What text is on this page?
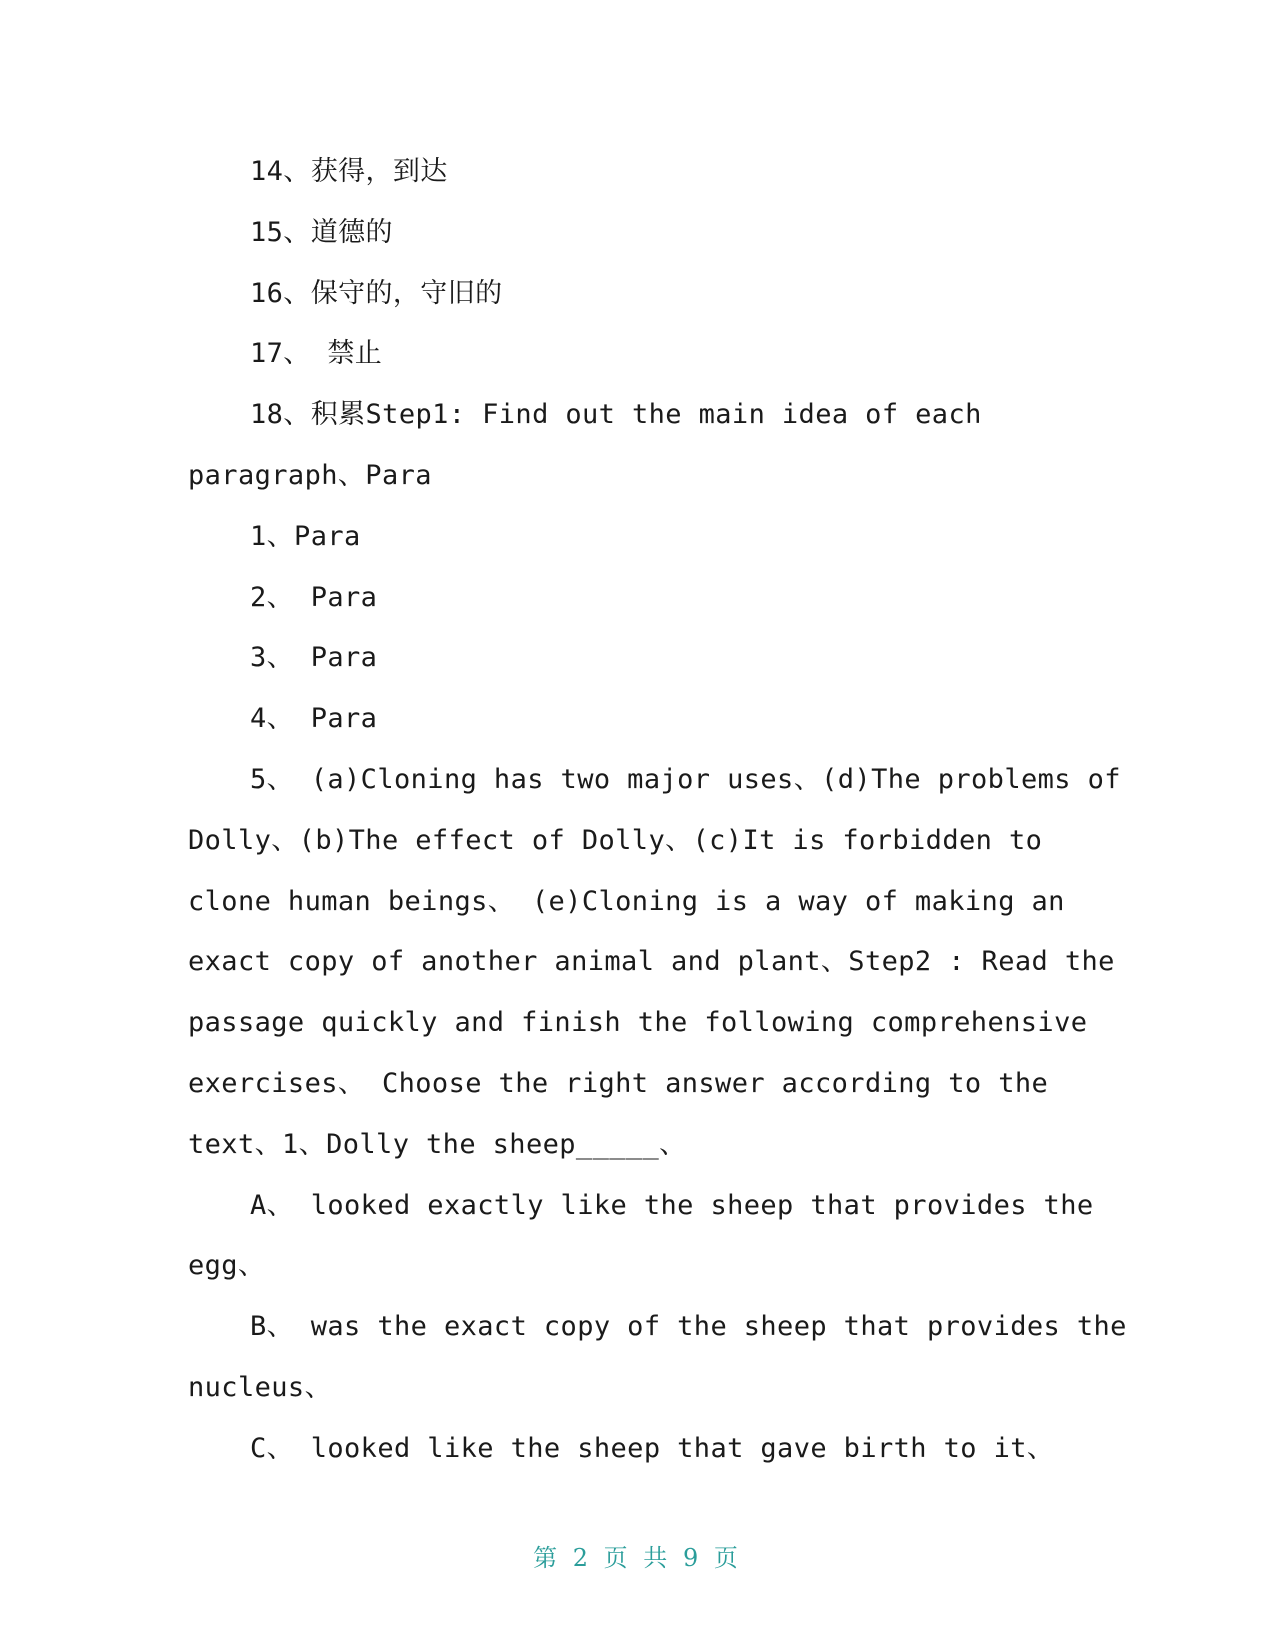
14、获得，到达
15、道德的
16、保守的，守旧的
17、 禁止
18、积累Step1: Find out the main idea of each
paragraph、Para
1、Para
2、 Para
3、 Para
4、 Para
5、 (a)Cloning has two major uses、(d)The problems of
Dolly、(b)The effect of Dolly、(c)It is forbidden to
clone human beings、 (e)Cloning is a way of making an
exact copy of another animal and plant、Step2 : Read the
passage quickly and finish the following comprehensive
exercises、 Choose the right answer according to the
text、1、Dolly the sheep_____、
A、 looked exactly like the sheep that provides the
egg、
B、 was the exact copy of the sheep that provides the
nucleus、
C、 looked like the sheep that gave birth to it、
第 2 页 共 9 页
